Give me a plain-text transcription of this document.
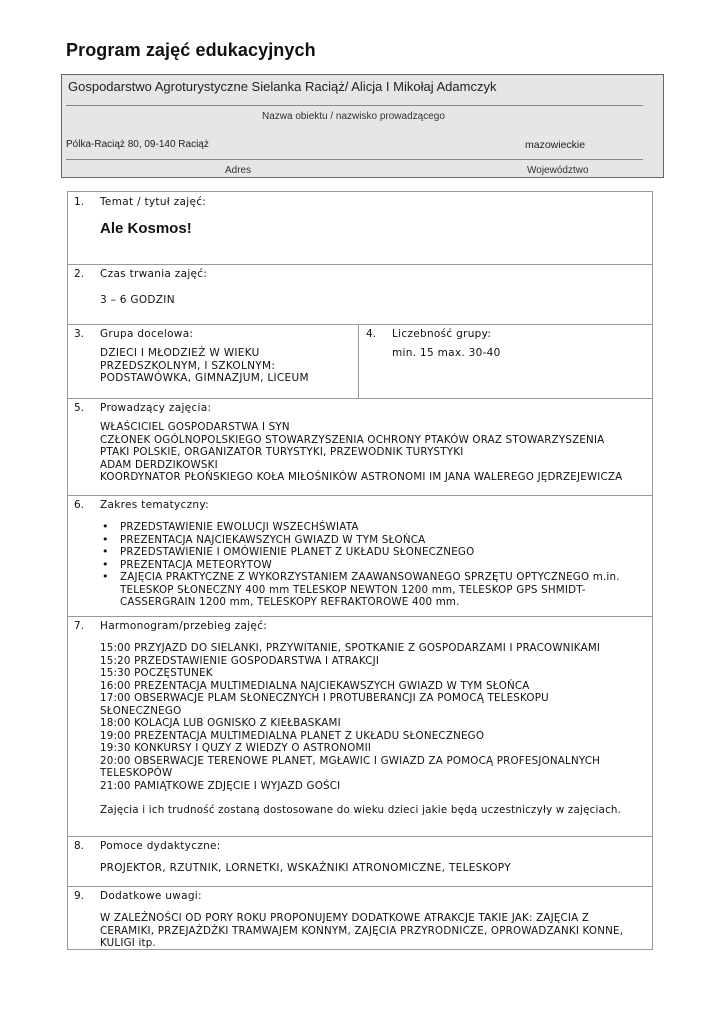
Program zajęć edukacyjnych
Gospodarstwo Agroturystyczne Sielanka Raciąż/ Alicja I Mikołaj Adamczyk
Nazwa obiektu / nazwisko prowadzącego
Pólka-Raciąż 80, 09-140 Raciąż	mazowieckie
Adres	Województwo
1. Temat / tytuł zajęć:
Ale Kosmos!
2. Czas trwania zajęć:
3 – 6 GODZIN
3. Grupa docelowa:
DZIECI I MŁODZIEŻ W WIEKU
PRZEDSZKOLNYM, I SZKOLNYM:
PODSTAWÓWKA, GIMNAZJUM, LICEUM
4. Liczebność grupy:
min. 15 max. 30-40
5. Prowadzący zajęcia:
WŁAŚCICIEL GOSPODARSTWA I SYN
CZŁONEK OGÓLNOPOLSKIEGO STOWARZYSZENIA OCHRONY PTAKÓW ORAZ STOWARZYSZENIA
PTAKI POLSKIE, ORGANIZATOR TURYSTYKI, PRZEWODNIK TURYSTYKI
ADAM DERDZIKOWSKI
KOORDYNATOR PŁOŃSKIEGO KOŁA MIŁOŚNIKÓW ASTRONOMI IM JANA WALEREGO JĘDRZEJEWICZA
6. Zakres tematyczny:
• PRZEDSTAWIENIE EWOLUCJI WSZECHŚWIATA
• PREZENTACJA NAJCIEKAWSZYCH GWIAZD W TYM SŁOŃCA
• PRZEDSTAWIENIE I OMÓWIENIE PLANET Z UKŁADU SŁONECZNEGO
• PREZENTACJA METEORYTOW
• ZAJĘCIA PRAKTYCZNE Z WYKORZYSTANIEM ZAAWANSOWANEGO SPRZĘTU OPTYCZNEGO m.in.
TELESKOP SŁONECZNY 400 mm TELESKOP NEWTON 1200 mm, TELESKOP GPS SHMIDT-
CASSERGRAIN 1200 mm, TELESKOPY REFRAKTOROWE 400 mm.
7. Harmonogram/przebieg zajęć:
15:00 PRZYJAZD DO SIELANKI, PRZYWITANIE, SPOTKANIE Z GOSPODARZAMI I PRACOWNIKAMI
15:20 PRZEDSTAWIENIE GOSPODARSTWA I ATRAKCJI
15:30 POCZĘSTUNEK
16:00 PREZENTACJA MULTIMEDIALNA NAJCIEKAWSZYCH GWIAZD W TYM SŁOŃCA
17:00 OBSERWACJE PLAM SŁONECZNYCH I PROTUBERANCJI ZA POMOCĄ TELESKOPU
SŁONECZNEGO
18:00 KOLACJA LUB OGNISKO Z KIEŁBASKAMI
19:00 PREZENTACJA MULTIMEDIALNA PLANET Z UKŁADU SŁONECZNEGO
19:30 KONKURSY I QUZY Z WIEDZY O ASTRONOMII
20:00 OBSERWACJE TERENOWE PLANET, MGŁAWIC I GWIAZD ZA POMOCĄ PROFESJONALNYCH
TELESKOPÓW
21:00 PAMIĄTKOWE ZDJĘCIE I WYJAZD GOŚCI
Zajęcia i ich trudność zostaną dostosowane do wieku dzieci jakie będą uczestniczyły w zajęciach.
8. Pomoce dydaktyczne:
PROJEKTOR, RZUTNIK, LORNETKI, WSKAŹNIKI ATRONOMICZNE, TELESKOPY
9. Dodatkowe uwagi:
W ZALEŻNOŚCI OD PORY ROKU PROPONUJEMY DODATKOWE ATRAKCJE TAKIE JAK: ZAJĘCIA Z
CERAMIKI, PRZEJAŻDŻKI TRAMWAJEM KONNYM, ZAJĘCIA PRZYRODNICZE, OPROWADZANKI KONNE,
KULIGI itp.
